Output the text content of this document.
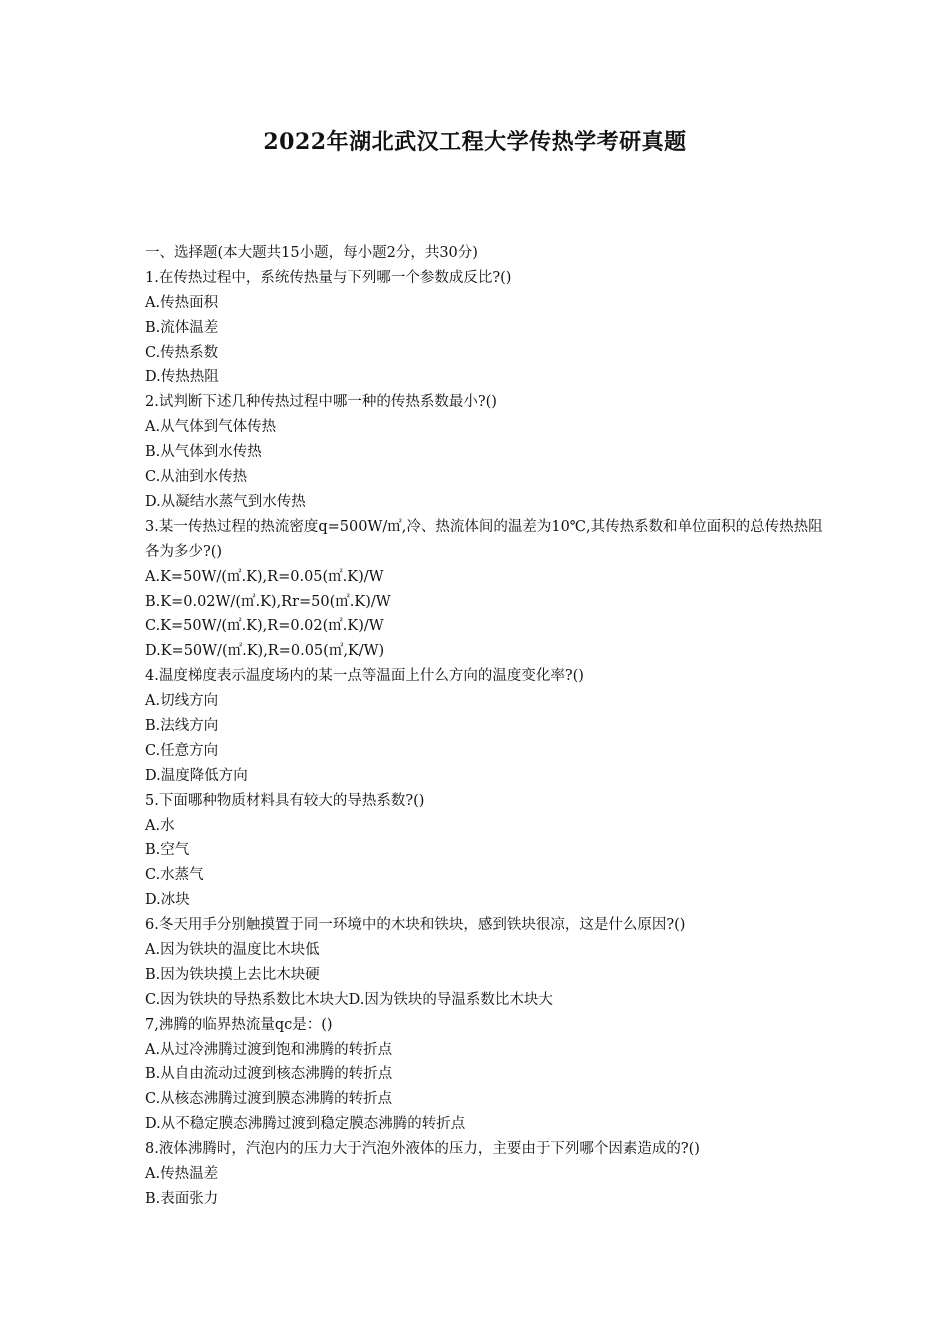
2022年湖北武汉工程大学传热学考研真题

一、选择题(本大题共15小题，每小题2分，共30分)

1.在传热过程中，系统传热量与下列哪一个参数成反比?()

A.传热面积

B.流体温差

C.传热系数

D.传热热阻

2.试判断下述几种传热过程中哪一种的传热系数最小?()

A.从气体到气体传热

B.从气体到水传热

C.从油到水传热

D.从凝结水蒸气到水传热

3.某一传热过程的热流密度q=500W/㎡,冷、热流体间的温差为10℃,其传热系数和单位面积的总传热热阻各为多少?()

A.K=50W/(㎡.K),R=0.05(㎡.K)/W

B.K=0.02W/(㎡.K),Rr=50(㎡.K)/W

C.K=50W/(㎡.K),R=0.02(㎡.K)/W

D.K=50W/(㎡.K),R=0.05(㎡,K/W)

4.温度梯度表示温度场内的某一点等温面上什么方向的温度变化率?()

A.切线方向

B.法线方向

C.任意方向

D.温度降低方向

5.下面哪种物质材料具有较大的导热系数?()

A.水

B.空气

C.水蒸气

D.冰块

6.冬天用手分别触摸置于同一环境中的木块和铁块，感到铁块很凉，这是什么原因?()

A.因为铁块的温度比木块低

B.因为铁块摸上去比木块硬

C.因为铁块的导热系数比木块大D.因为铁块的导温系数比木块大

7,沸腾的临界热流量qc是：()

A.从过冷沸腾过渡到饱和沸腾的转折点

B.从自由流动过渡到核态沸腾的转折点

C.从核态沸腾过渡到膜态沸腾的转折点

D.从不稳定膜态沸腾过渡到稳定膜态沸腾的转折点

8.液体沸腾时，汽泡内的压力大于汽泡外液体的压力，主要由于下列哪个因素造成的?()

A.传热温差

B.表面张力
